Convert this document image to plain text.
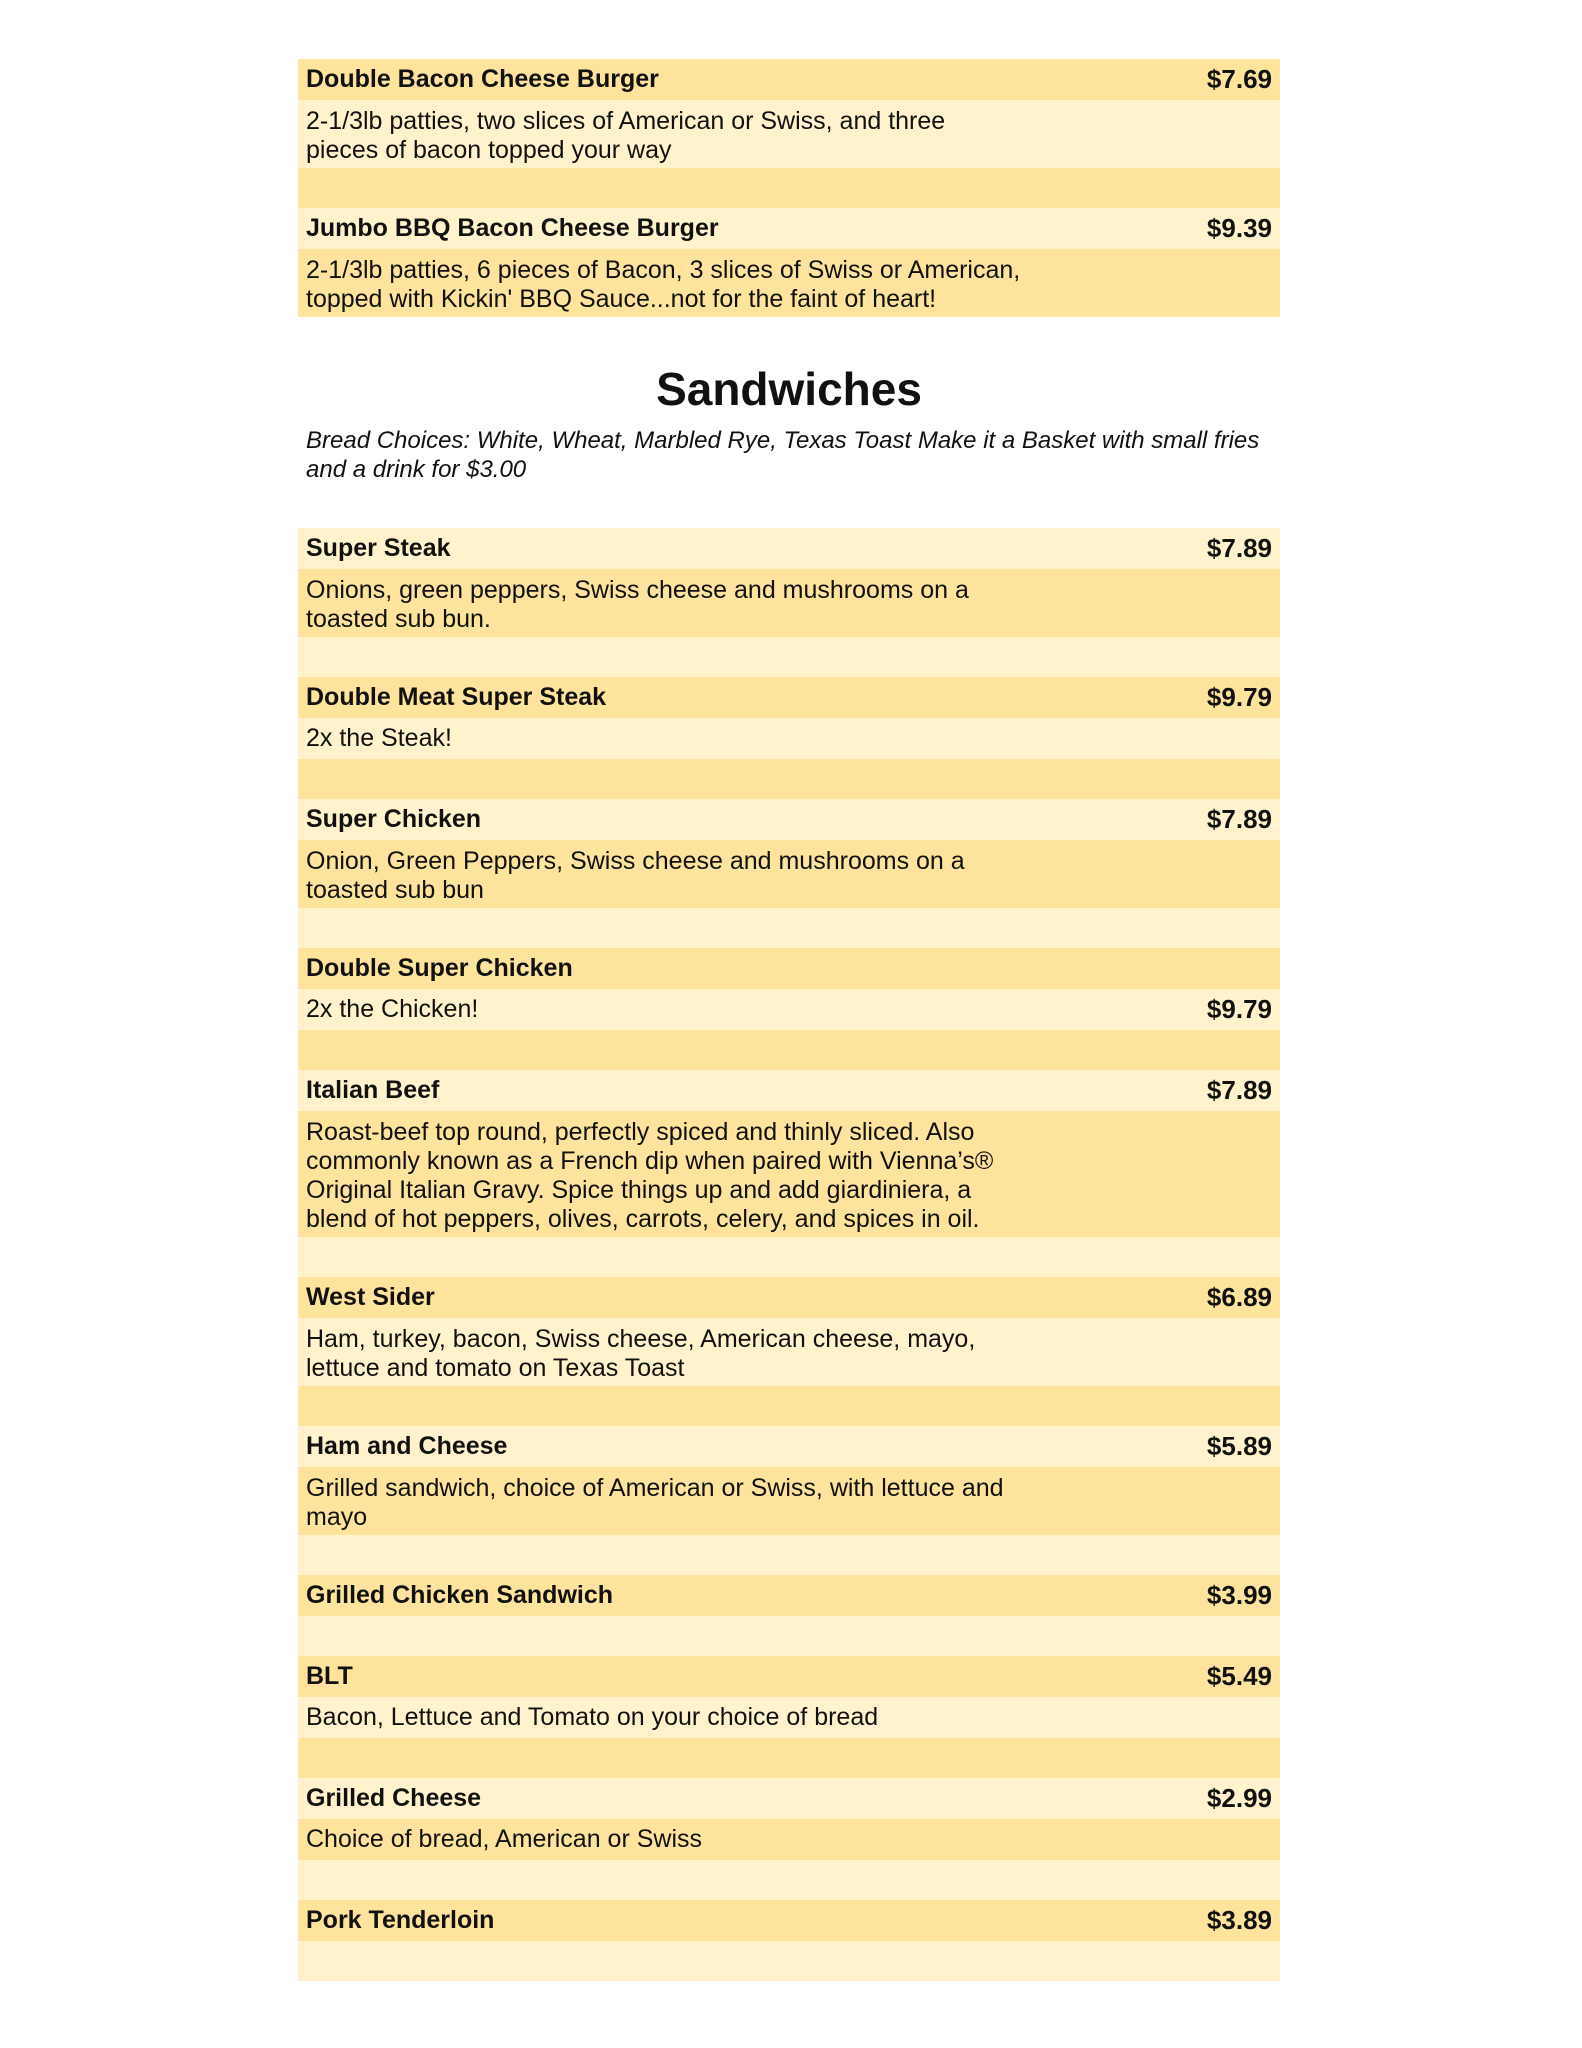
Double Bacon Cheese Burger	$7.69
2-1/3lb patties, two slices of American or Swiss, and three
pieces of bacon topped your way
Jumbo BBQ Bacon Cheese Burger	$9.39
2-1/3lb patties, 6 pieces of Bacon, 3 slices of Swiss or American,
topped with Kickin' BBQ Sauce...not for the faint of heart!
Sandwiches

Bread Choices: White, Wheat, Marbled Rye, Texas Toast Make it a Basket with small fries and a drink for $3.00

Super Steak	$7.89
Onions, green peppers, Swiss cheese and mushrooms on a
toasted sub bun.
Double Meat Super Steak	$9.79
2x the Steak!
Super Chicken	$7.89
Onion, Green Peppers, Swiss cheese and mushrooms on a
toasted sub bun
Double Super Chicken
2x the Chicken!	$9.79
Italian Beef	$7.89
Roast-beef top round, perfectly spiced and thinly sliced. Also
commonly known as a French dip when paired with Vienna’s®
Original Italian Gravy. Spice things up and add giardiniera, a
blend of hot peppers, olives, carrots, celery, and spices in oil.
West Sider	$6.89
Ham, turkey, bacon, Swiss cheese, American cheese, mayo,
lettuce and tomato on Texas Toast
Ham and Cheese	$5.89
Grilled sandwich, choice of American or Swiss, with lettuce and
mayo
Grilled Chicken Sandwich	$3.99
BLT	$5.49
Bacon, Lettuce and Tomato on your choice of bread
Grilled Cheese	$2.99
Choice of bread, American or Swiss
Pork Tenderloin	$3.89
